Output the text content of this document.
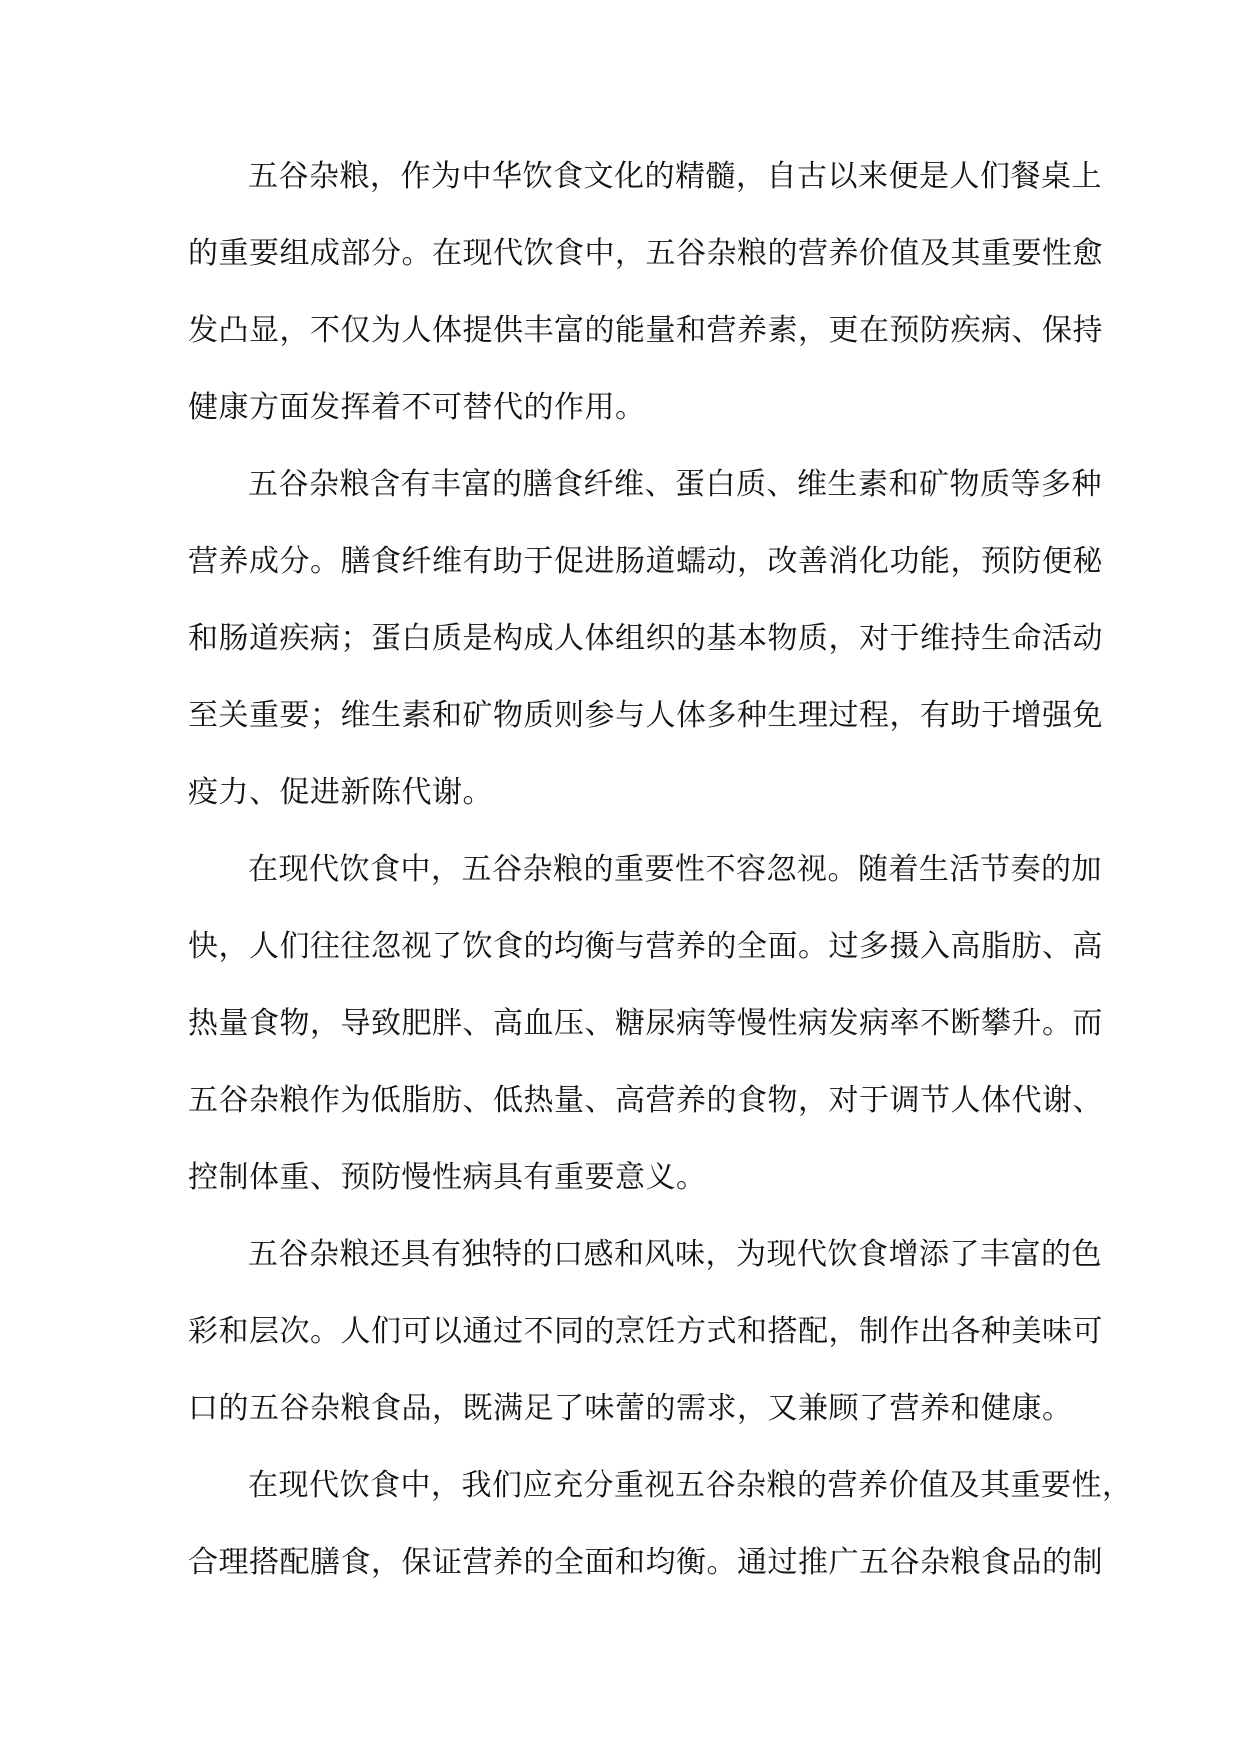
五谷杂粮，作为中华饮食文化的精髓，自古以来便是人们餐桌上
的重要组成部分。在现代饮食中，五谷杂粮的营养价值及其重要性愈
发凸显，不仅为人体提供丰富的能量和营养素，更在预防疾病、保持
健康方面发挥着不可替代的作用。
五谷杂粮含有丰富的膳食纤维、蛋白质、维生素和矿物质等多种
营养成分。膳食纤维有助于促进肠道蠕动，改善消化功能，预防便秘
和肠道疾病；蛋白质是构成人体组织的基本物质，对于维持生命活动
至关重要；维生素和矿物质则参与人体多种生理过程，有助于增强免
疫力、促进新陈代谢。
在现代饮食中，五谷杂粮的重要性不容忽视。随着生活节奏的加
快，人们往往忽视了饮食的均衡与营养的全面。过多摄入高脂肪、高
热量食物，导致肥胖、高血压、糖尿病等慢性病发病率不断攀升。而
五谷杂粮作为低脂肪、低热量、高营养的食物，对于调节人体代谢、
控制体重、预防慢性病具有重要意义。
五谷杂粮还具有独特的口感和风味，为现代饮食增添了丰富的色
彩和层次。人们可以通过不同的烹饪方式和搭配，制作出各种美味可
口的五谷杂粮食品，既满足了味蕾的需求，又兼顾了营养和健康。
在现代饮食中，我们应充分重视五谷杂粮的营养价值及其重要性，
合理搭配膳食，保证营养的全面和均衡。通过推广五谷杂粮食品的制
